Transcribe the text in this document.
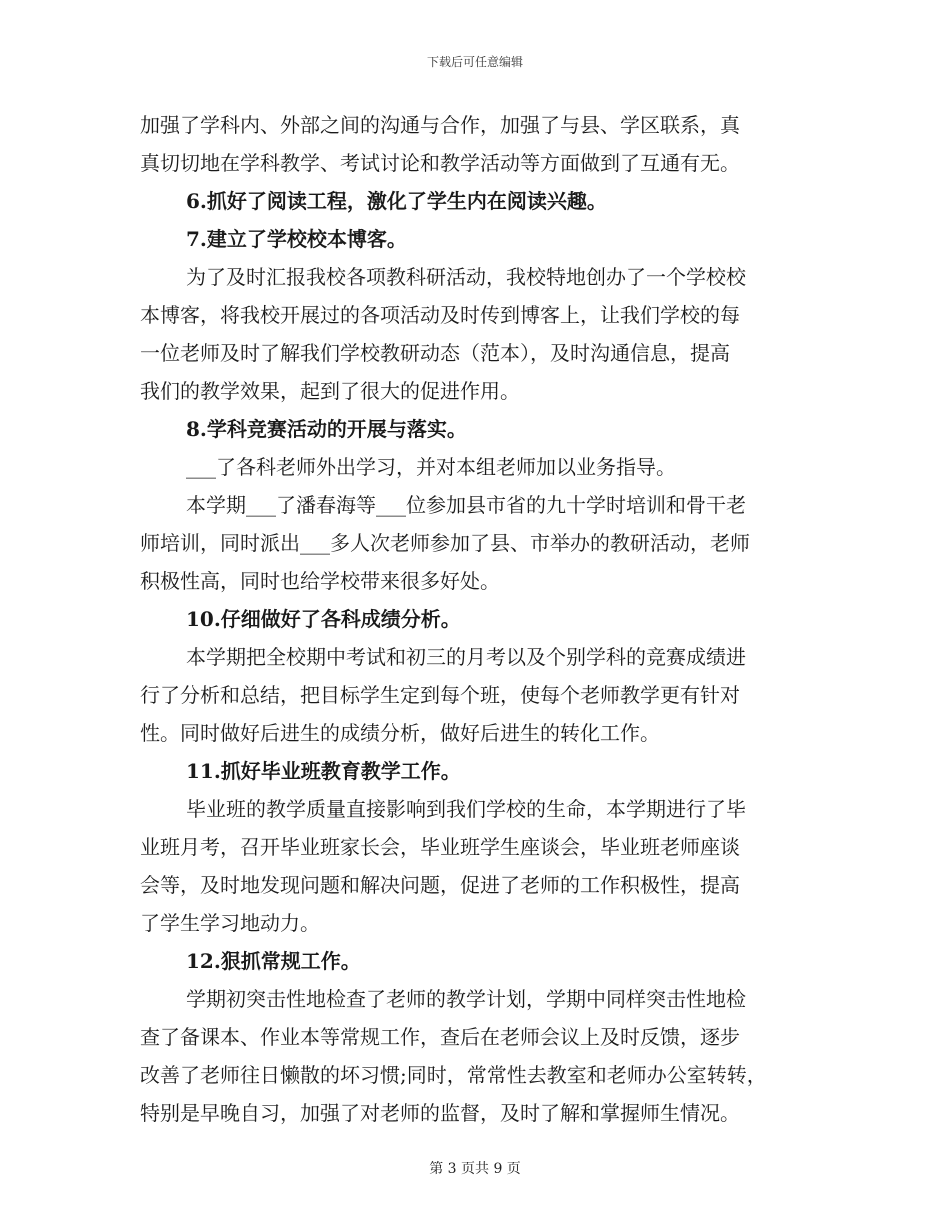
下载后可任意编辑
加强了学科内、外部之间的沟通与合作，加强了与县、学区联系，真
真切切地在学科教学、考试讨论和教学活动等方面做到了互通有无。
6.抓好了阅读工程，激化了学生内在阅读兴趣。
7.建立了学校校本博客。
为了及时汇报我校各项教科研活动，我校特地创办了一个学校校
本博客，将我校开展过的各项活动及时传到博客上，让我们学校的每
一位老师及时了解我们学校教研动态（范本），及时沟通信息，提高
我们的教学效果，起到了很大的促进作用。
8.学科竞赛活动的开展与落实。
___了各科老师外出学习，并对本组老师加以业务指导。
本学期___了潘春海等___位参加县市省的九十学时培训和骨干老
师培训，同时派出___多人次老师参加了县、市举办的教研活动，老师
积极性高，同时也给学校带来很多好处。
10.仔细做好了各科成绩分析。
本学期把全校期中考试和初三的月考以及个别学科的竞赛成绩进
行了分析和总结，把目标学生定到每个班，使每个老师教学更有针对
性。同时做好后进生的成绩分析，做好后进生的转化工作。
11.抓好毕业班教育教学工作。
毕业班的教学质量直接影响到我们学校的生命，本学期进行了毕
业班月考，召开毕业班家长会，毕业班学生座谈会，毕业班老师座谈
会等，及时地发现问题和解决问题，促进了老师的工作积极性，提高
了学生学习地动力。
12.狠抓常规工作。
学期初突击性地检查了老师的教学计划，学期中同样突击性地检
查了备课本、作业本等常规工作，查后在老师会议上及时反馈，逐步
改善了老师往日懒散的坏习惯;同时，常常性去教室和老师办公室转转，
特别是早晚自习，加强了对老师的监督，及时了解和掌握师生情况。
第 3 页共 9 页
